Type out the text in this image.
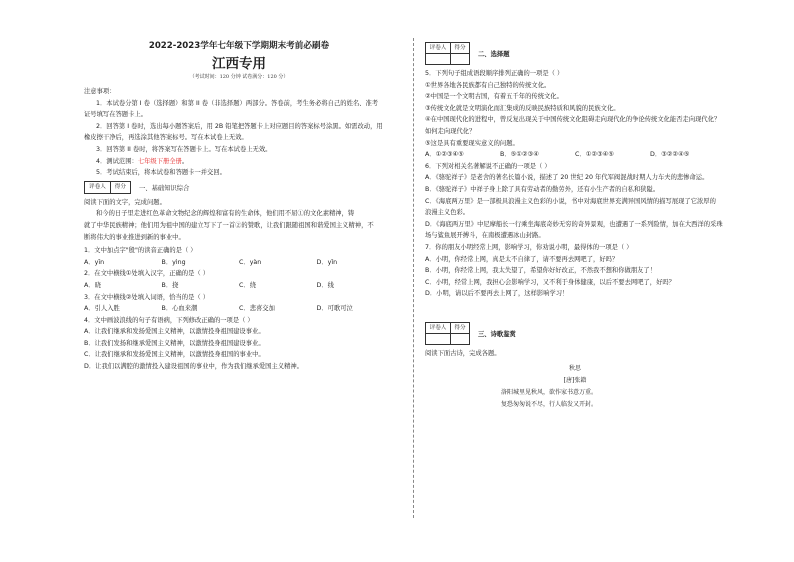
2022-2023学年七年级下学期期末考前必刷卷
江西专用
（考试时间：120 分钟 试卷满分：120 分）
注意事项：
1．本试卷分第 I 卷（选择题）和第 II 卷（非选择题）两部分。答卷前，考生务必将自己的姓名、准考
证号填写在答题卡上。
2．回答第 I 卷时，选出每小题答案后，用 2B 铅笔把答题卡上对应题目的答案标号涂黑。如需改动，用
橡皮擦干净后，再选涂其他答案标号。写在本试卷上无效。
3．回答第 II 卷时，将答案写在答题卡上。写在本试卷上无效。
4．测试范围：七年级下册全册。
5．考试结束后，将本试卷和答题卡一并交回。
评卷人	得分	一、基础知识综合
阅读下面的文字，完成问题。
和今的日子里走进红色革命文物纪念的辉煌和富有的生命体，他们用不屈①的文化素精神，铸
就了中华民族精神；他们用为祖中国的建立写下了一首②的赞歌，让我们跟随祖国和谐爱国主义精神，不
断将伟大的事业推进到新的事业中。
1．文中加点字"殷"的读音正确的是（ ）
A．yīn	B．yìng	C．yàn	D．yǐn
2．在文中横线①处填入汉字，正确的是（ ）
A．晓	B．挠	C．绕	D．线
3．在文中横线②处填入词语，恰当的是（ ）
A．引人入胜	B．心血来潮	C．悲喜交加	D．可歌可泣
4．文中画波浪线的句子有语病，下列修改正确的一项是（ ）
A．让我们继承和发扬爱国主义精神，以激情投身祖国建设事业。
B．让我们发扬和继承爱国主义精神，以激情投身祖国建设事业。
C．让我们继承和发扬爱国主义精神，以激情投身祖国的事业中。
D．让我们以满腔的激情投入建设祖国的事业中，作为我们继承爱国主义精神。
评卷人	得分
二、选择题
5．下列句子组成语段顺序排列正确的一项是（ ）
①世界各地各民族都有自己独特的传统文化。
②中国是一个文明古国，有着五千年的传统文化。
③传统文化就是文明演化而汇集成的反映民族特质和风貌的民族文化。
④在中国现代化的进程中，曾反复出现关于中国传统文化阻碍走向现代化的争论传统文化能否走向现代化？
如何走向现代化？
⑤这是具有重要现实意义的问题。
A．①②③④⑤	B．⑤①②③④	C．①②③④⑤	D．③②②④⑤
6．下列对相关名著解说不正确的一项是（ ）
A．《骆驼祥子》是老舍的著名长篇小说，描述了 20 世纪 20 年代军阀混战时期人力车夫的悲惨命运。
B．《骆驼祥子》中祥子身上除了具有劳动者的勤劳外，还有小生产者的自私和狭隘。
C．《海底两万里》是一部极具浪漫主义色彩的小说，书中对海底世界充满异国风情的描写展现了它浓厚的
浪漫主义色彩。
D．《海底两万里》中尼摩船长一行乘坐海底奇妙无穷的奇异景观，也遭遇了一系列险情，加在大西洋的采珠
场与鲨鱼展开搏斗，在南极遭遇冰山封路。
7．你的朋友小明经常上网，影响学习，你劝说小明，最得体的一项是（ ）
A．小明，你经常上网，真是太不自律了，请不要再去网吧了，好吗？
B．小明，你经常上网，我太失望了，希望你好好改正，不然我不想和你做朋友了！
C．小明，经常上网，我担心会影响学习，又不利于身体健康，以后不要去网吧了，好吗？
D．小明，请以后不要再去上网了，这样影响学习！
评卷人	得分
三、诗歌鉴赏
阅读下面古诗，完成各题。
秋思
[唐]张籍
洛阳城里见秋风，欲作家书意万重。
复恐匆匆说不尽，行人临发又开封。
